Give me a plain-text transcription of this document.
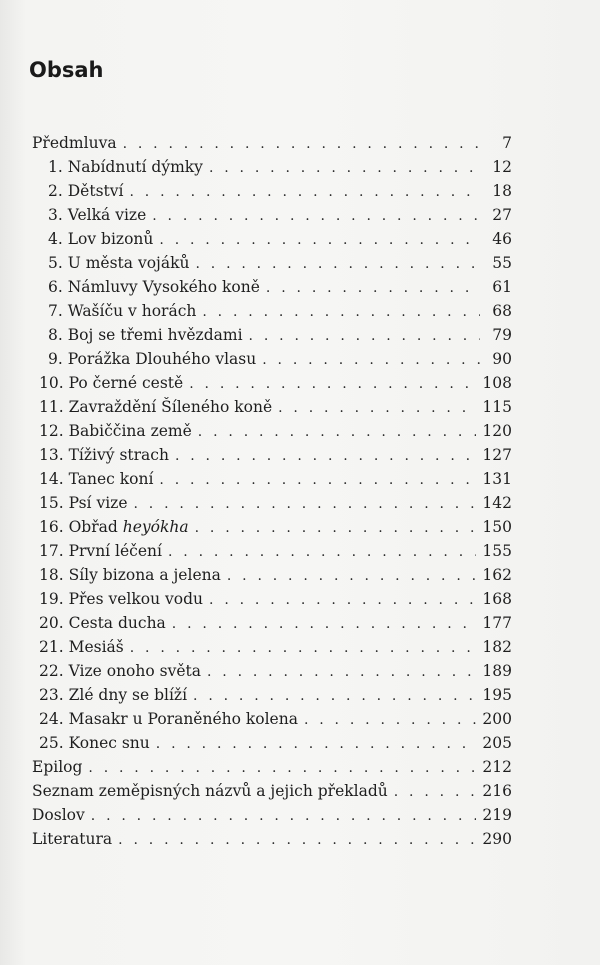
Obsah
Předmluva . . .	7
1. Nabídnutí dýmky . . .	12
2. Dětství . . .	18
3. Velká vize . . .	27
4. Lov bizonů . . .	46
5. U města vojáků . . .	55
6. Námluvy Vysokého koně . . .	61
7. Wašíču v horách . . .	68
8. Boj se třemi hvězdami . . .	79
9. Porážka Dlouhého vlasu . . .	90
10. Po černé cestě . . .	108
11. Zavraždění Šíleného koně . . .	115
12. Babiččina země . . .	120
13. Tíživý strach . . .	127
14. Tanec koní . . .	131
15. Psí vize . . .	142
16. Obřad heyókha . . .	150
17. První léčení . . .	155
18. Síly bizona a jelena . . .	162
19. Přes velkou vodu . . .	168
20. Cesta ducha . . .	177
21. Mesiáš . . .	182
22. Vize onoho světa . . .	189
23. Zlé dny se blíží . . .	195
24. Masakr u Poraněného kolena . . .	200
25. Konec snu . . .	205
Epilog . . .	212
Seznam zeměpisných názvů a jejich překladů . . .	216
Doslov . . .	219
Literatura . . .	290
